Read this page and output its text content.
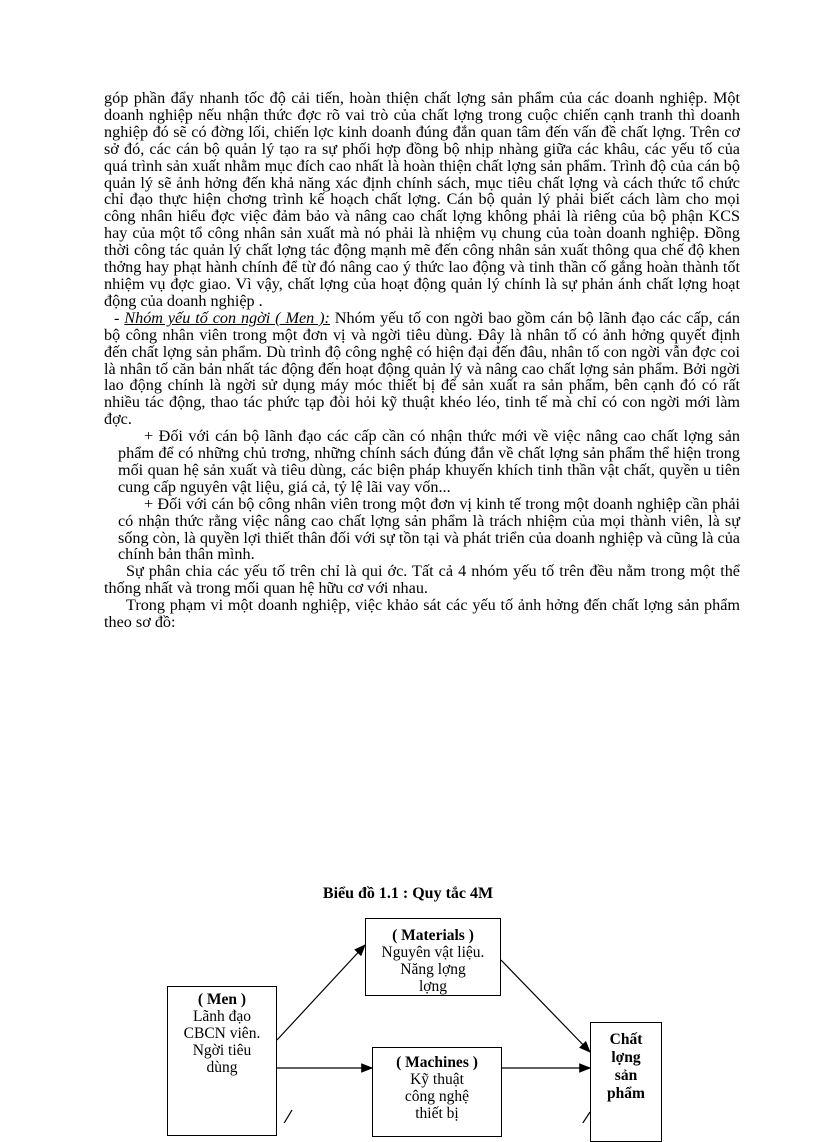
góp phần đẩy nhanh tốc độ cải tiến, hoàn thiện chất lợng sản phẩm của các doanh nghiệp. Một doanh nghiệp nếu nhận thức đợc rõ vai trò của chất lợng trong cuộc chiến cạnh tranh thì doanh nghiệp đó sẽ có đờng lối, chiến lợc kinh doanh đúng đắn quan tâm đến vấn đề chất lợng. Trên cơ sở đó, các cán bộ quản lý tạo ra sự phối hợp đồng bộ nhịp nhàng giữa các khâu, các yếu tố của quá trình sản xuất nhằm mục đích cao nhất là hoàn thiện chất lợng sản phẩm. Trình độ của cán bộ quản lý sẽ ảnh hởng đến khả năng xác định chính sách, mục tiêu chất lợng và cách thức tổ chức chỉ đạo thực hiện chơng trình kế hoạch chất lợng. Cán bộ quản lý phải biết cách làm cho mọi công nhân hiểu đợc việc đảm bảo và nâng cao chất lợng không phải là riêng của bộ phận KCS hay của một tổ công nhân sản xuất mà nó phải là nhiệm vụ chung của toàn doanh nghiệp. Đồng thời công tác quản lý chất lợng tác động mạnh mẽ đến công nhân sản xuất thông qua chế độ khen thởng hay phạt hành chính để từ đó nâng cao ý thức lao động và tinh thần cố gắng hoàn thành tốt nhiệm vụ đợc giao. Vì vậy, chất lợng của hoạt động quản lý chính là sự phản ánh chất lợng hoạt động của doanh nghiệp .

- Nhóm yếu tố con ngời ( Men ): Nhóm yếu tố con ngời bao gồm cán bộ lãnh đạo các cấp, cán bộ công nhân viên trong một đơn vị và ngời tiêu dùng. Đây là nhân tố có ảnh hởng quyết định đến chất lợng sản phẩm. Dù trình độ công nghệ có hiện đại đến đâu, nhân tố con ngời vẫn đợc coi là nhân tố căn bản nhất tác động đến hoạt động quản lý và nâng cao chất lợng sản phẩm. Bởi ngời lao động chính là ngời sử dụng máy móc thiết bị để sản xuất ra sản phẩm, bên cạnh đó có rất nhiều tác động, thao tác phức tạp đòi hỏi kỹ thuật khéo léo, tinh tế mà chỉ có con ngời mới làm đợc.

+ Đối với cán bộ lãnh đạo các cấp cần có nhận thức mới về việc nâng cao chất lợng sản phẩm để có những chủ trơng, những chính sách đúng đắn về chất lợng sản phẩm thể hiện trong mối quan hệ sản xuất và tiêu dùng, các biện pháp khuyến khích tinh thần vật chất, quyền u tiên cung cấp nguyên vật liệu, giá cả, tỷ lệ lãi vay vốn...

+ Đối với cán bộ công nhân viên trong một đơn vị kinh tế trong một doanh nghiệp cần phải có nhận thức rằng việc nâng cao chất lợng sản phẩm là trách nhiệm của mọi thành viên, là sự sống còn, là quyền lợi thiết thân đối với sự tồn tại và phát triển của doanh nghiệp và cũng là của chính bản thân mình.

Sự phân chia các yếu tố trên chỉ là qui ớc. Tất cả 4 nhóm yếu tố trên đều nằm trong một thể thống nhất và trong mối quan hệ hữu cơ với nhau.

Trong phạm vi một doanh nghiệp, việc khảo sát các yếu tố ảnh hởng đến chất lợng sản phẩm theo sơ đồ:

Biểu đồ 1.1 : Quy tắc 4M
( Men )
Lãnh đạo
CBCN viên.
Ngời tiêu
dùng
( Materials )
Nguyên vật liệu.
Năng lợng
lợng
( Machines )
Kỹ thuật
công nghệ
thiết bị
Chất
lợng
sản
phẩm
